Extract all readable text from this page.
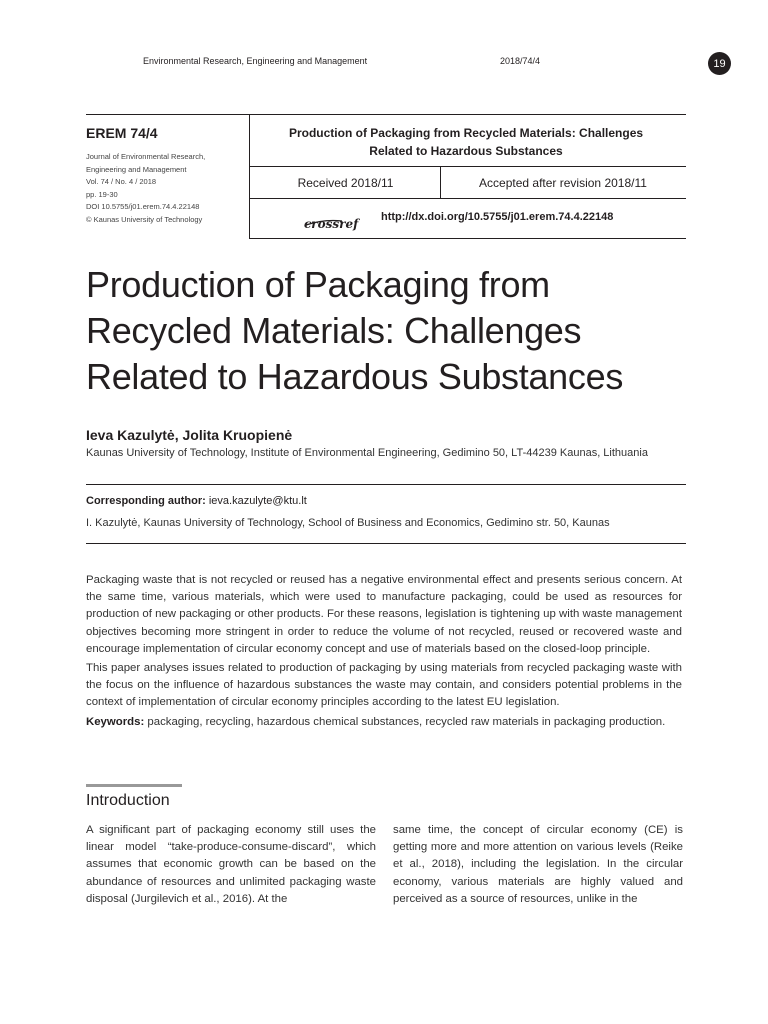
Environmental Research, Engineering and Management	2018/74/4	19
EREM 74/4
Journal of Environmental Research,
Engineering and Management
Vol. 74 / No. 4 / 2018
pp. 19-30
DOI 10.5755/j01.erem.74.4.22148
© Kaunas University of Technology
Production of Packaging from Recycled Materials: Challenges
Related to Hazardous Substances
Received 2018/11	Accepted after revision 2018/11
crossref http://dx.doi.org/10.5755/j01.erem.74.4.22148
Production of Packaging from
Recycled Materials: Challenges
Related to Hazardous Substances
Ieva Kazulytė, Jolita Kruopienė
Kaunas University of Technology, Institute of Environmental Engineering, Gedimino 50, LT-44239 Kaunas, Lithuania
Corresponding author: ieva.kazulyte@ktu.lt
I. Kazulytė, Kaunas University of Technology, School of Business and Economics, Gedimino str. 50, Kaunas

Packaging waste that is not recycled or reused has a negative environmental effect and presents serious concern. At the same time, various materials, which were used to manufacture packaging, could be used as resources for production of new packaging or other products. For these reasons, legislation is tightening up with waste management objectives becoming more stringent in order to reduce the volume of not recycled, reused or recovered waste and encourage implementation of circular economy concept and use of materials based on the closed-loop principle.

This paper analyses issues related to production of packaging by using materials from recycled packaging waste with the focus on the influence of hazardous substances the waste may contain, and considers potential problems in the context of implementation of circular economy principles according to the latest EU legislation.

Keywords: packaging, recycling, hazardous chemical substances, recycled raw materials in packaging production.

Introduction
A significant part of packaging economy still uses the linear model “take-produce-consume-discard”, which assumes that economic growth can be based on the abundance of resources and unlimited packaging waste disposal (Jurgilevich et al., 2016). At the
same time, the concept of circular economy (CE) is getting more and more attention on various levels (Reike et al., 2018), including the legislation. In the circular economy, various materials are highly valued and perceived as a source of resources, unlike in the
